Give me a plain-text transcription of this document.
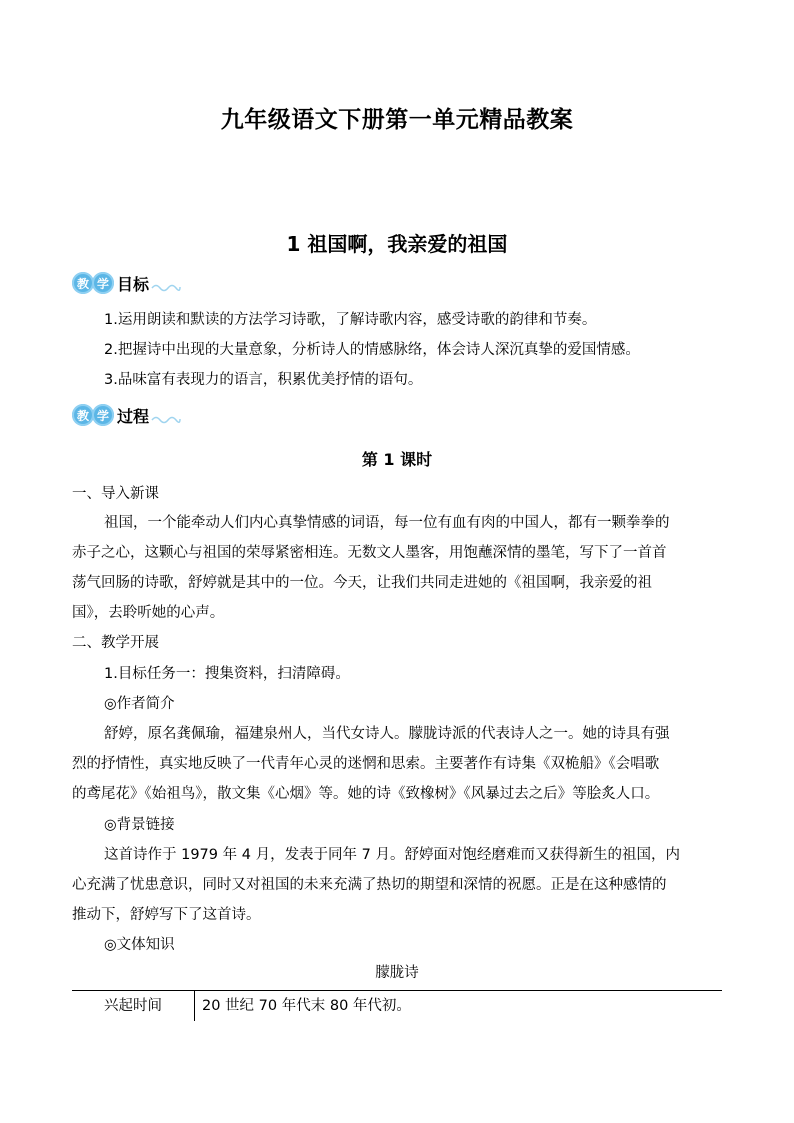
九年级语文下册第一单元精品教案
1 祖国啊，我亲爱的祖国
教 学 目标
1.运用朗读和默读的方法学习诗歌，了解诗歌内容，感受诗歌的韵律和节奏。
2.把握诗中出现的大量意象，分析诗人的情感脉络，体会诗人深沉真挚的爱国情感。
3.品味富有表现力的语言，积累优美抒情的语句。
教 学 过程
第 1 课时
一、导入新课
祖国，一个能牵动人们内心真挚情感的词语，每一位有血有肉的中国人，都有一颗拳拳的
赤子之心，这颗心与祖国的荣辱紧密相连。无数文人墨客，用饱蘸深情的墨笔，写下了一首首
荡气回肠的诗歌，舒婷就是其中的一位。今天，让我们共同走进她的《祖国啊，我亲爱的祖
国》，去聆听她的心声。
二、教学开展
1.目标任务一：搜集资料，扫清障碍。
◎作者简介
舒婷，原名龚佩瑜，福建泉州人，当代女诗人。朦胧诗派的代表诗人之一。她的诗具有强
烈的抒情性，真实地反映了一代青年心灵的迷惘和思索。主要著作有诗集《双桅船》《会唱歌
的鸢尾花》《始祖鸟》，散文集《心烟》等。她的诗《致橡树》《风暴过去之后》等脍炙人口。
◎背景链接
这首诗作于 1979 年 4 月，发表于同年 7 月。舒婷面对饱经磨难而又获得新生的祖国，内
心充满了忧患意识，同时又对祖国的未来充满了热切的期望和深情的祝愿。正是在这种感情的
推动下，舒婷写下了这首诗。
◎文体知识
朦胧诗
兴起时间	20 世纪 70 年代末 80 年代初。
